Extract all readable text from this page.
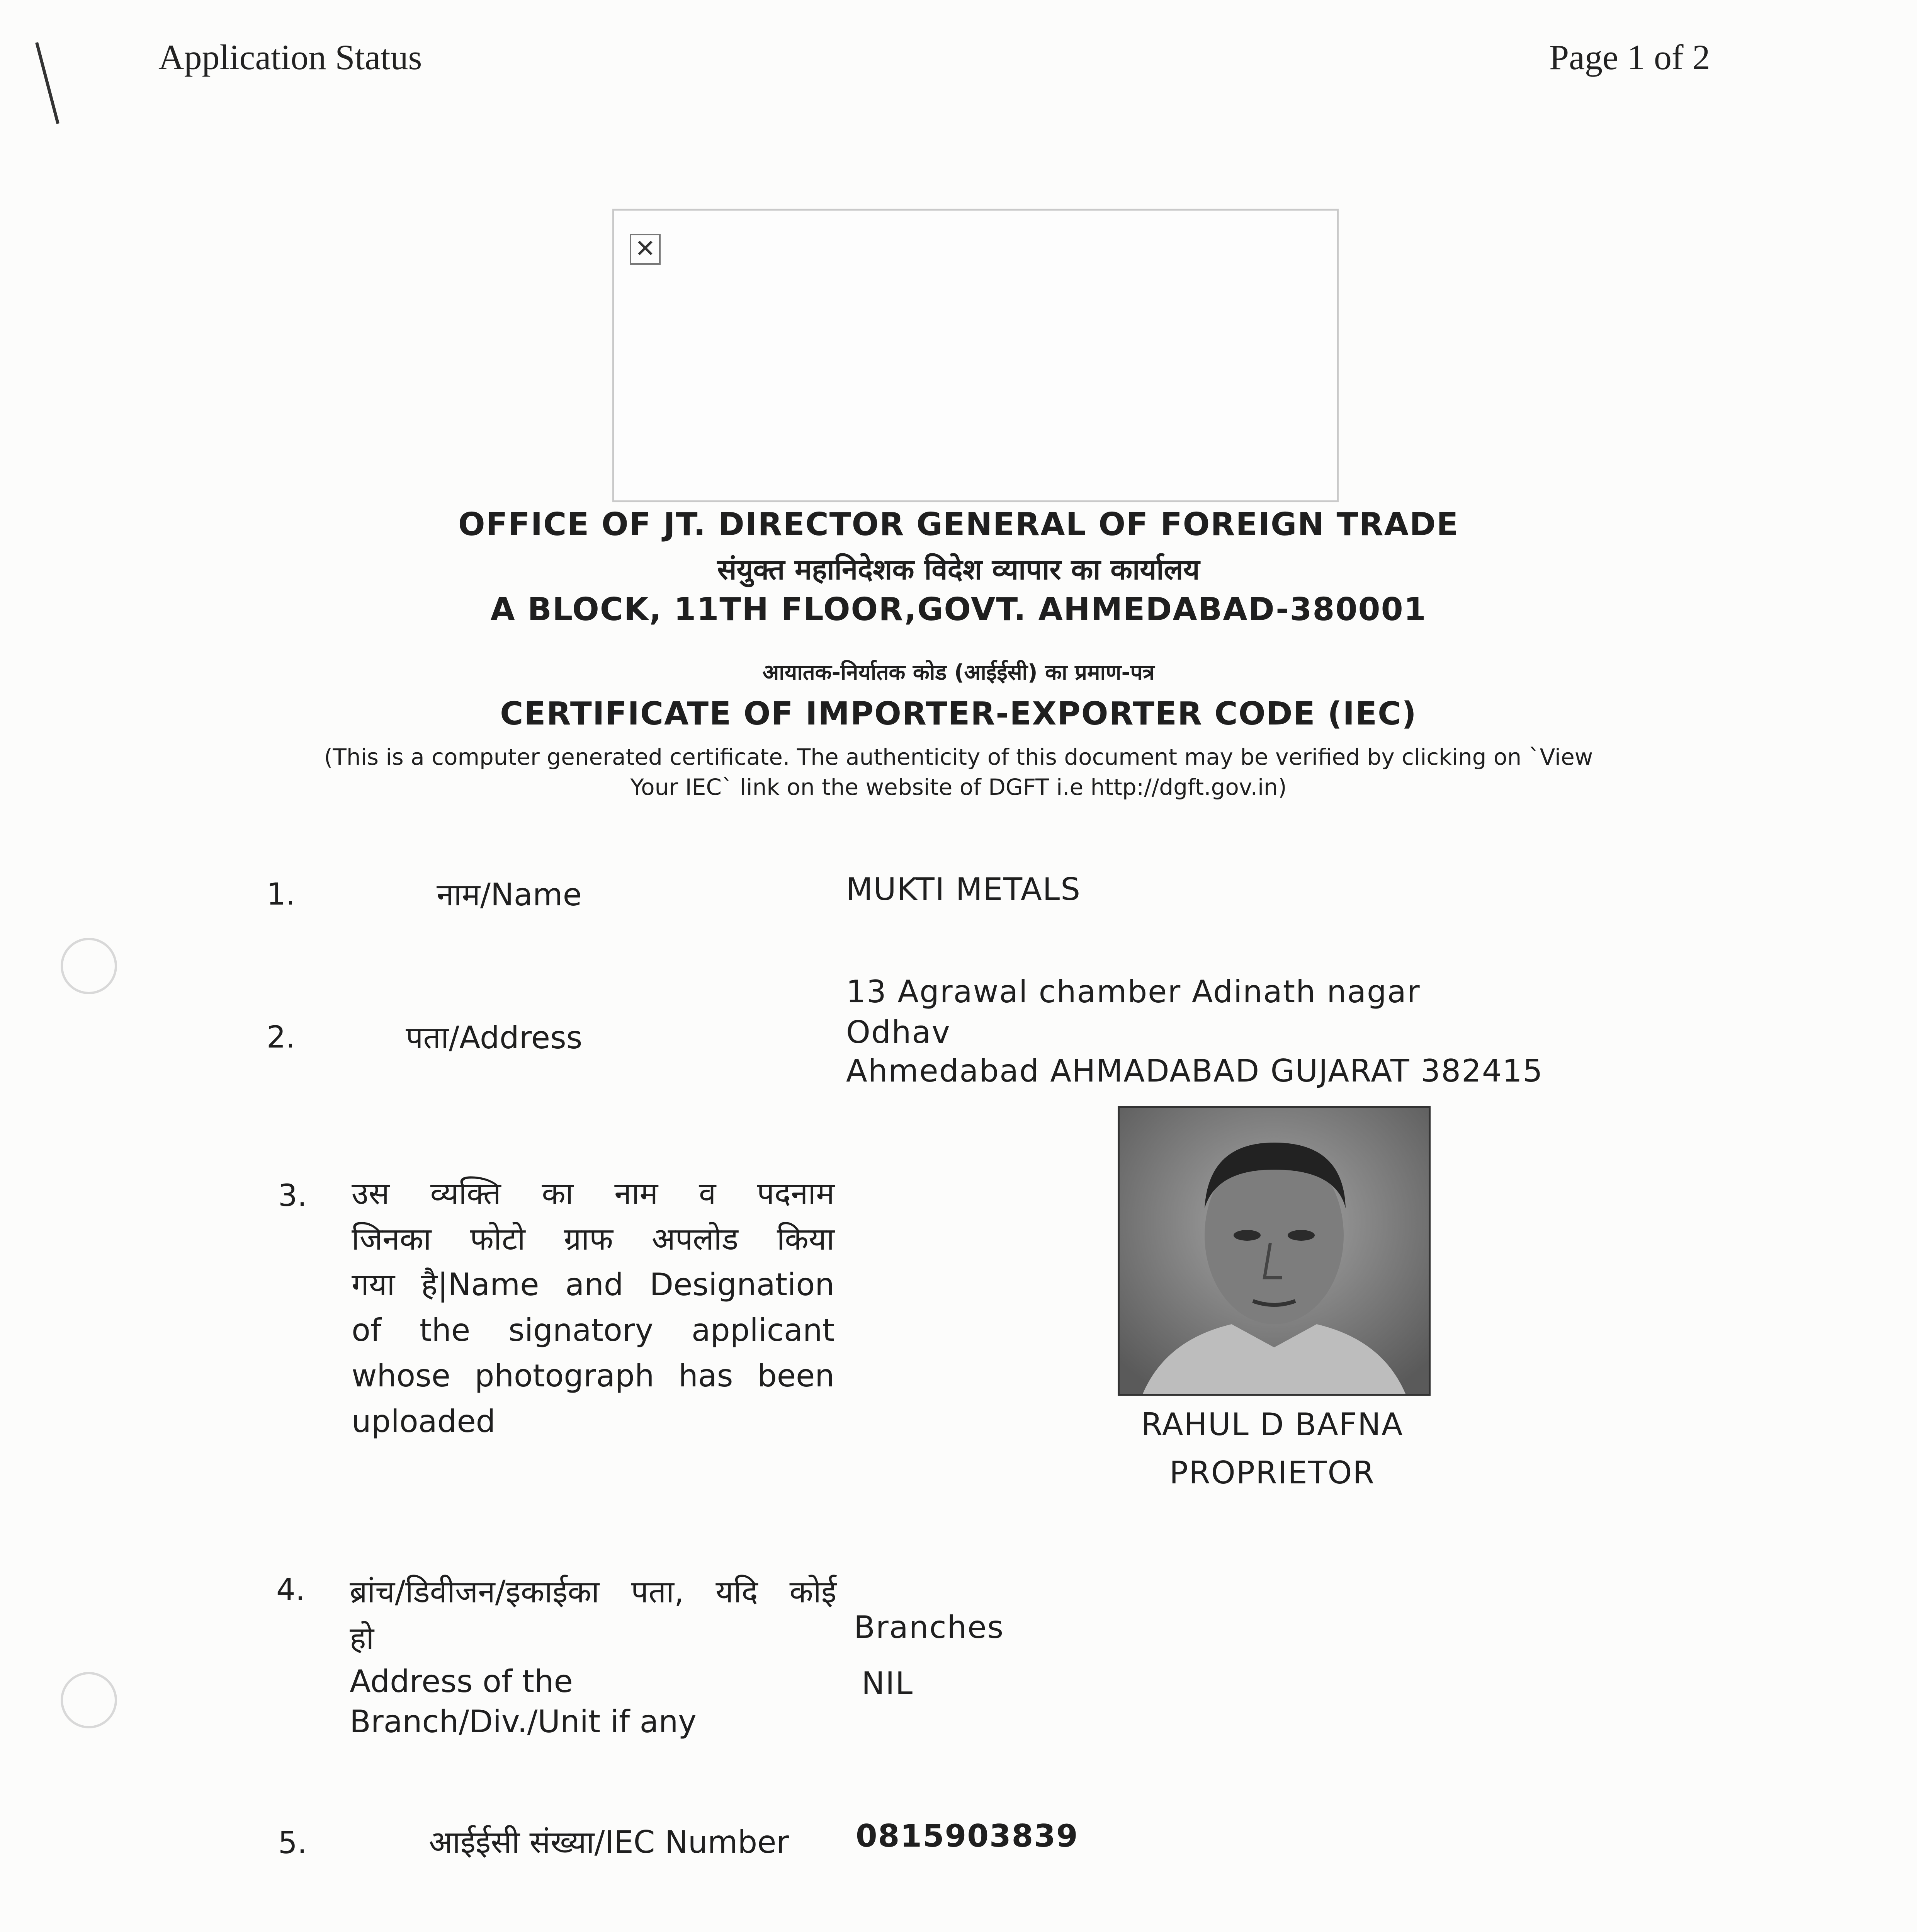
Application Status	Page 1 of 2
✕
OFFICE OF JT. DIRECTOR GENERAL OF FOREIGN TRADE
संयुक्त महानिदेशक विदेश व्यापार का कार्यालय
A BLOCK, 11TH FLOOR,GOVT. AHMEDABAD-380001
आयातक-निर्यातक कोड (आईईसी) का प्रमाण-पत्र
CERTIFICATE OF IMPORTER-EXPORTER CODE (IEC)
(This is a computer generated certificate. The authenticity of this document may be verified by clicking on `View
Your IEC` link on the website of DGFT i.e http://dgft.gov.in)
1.	नाम/Name	MUKTI METALS
2.	पता/Address
13 Agrawal chamber Adinath nagar
Odhav
Ahmedabad AHMADABAD GUJARAT 382415
3. उस व्यक्ति का नाम व पदनाम
जिनका फोटो ग्राफ अपलोड किया
गया है|Name and Designation
of the signatory applicant
whose photograph has been
uploaded	RAHUL D BAFNA
PROPRIETOR
4. ब्रांच/डिवीजन/इकाईका पता, यदि कोई
हो
Address of the
Branch/Div./Unit if any
Branches
NIL
5.	आईईसी संख्या/IEC Number 0815903839
